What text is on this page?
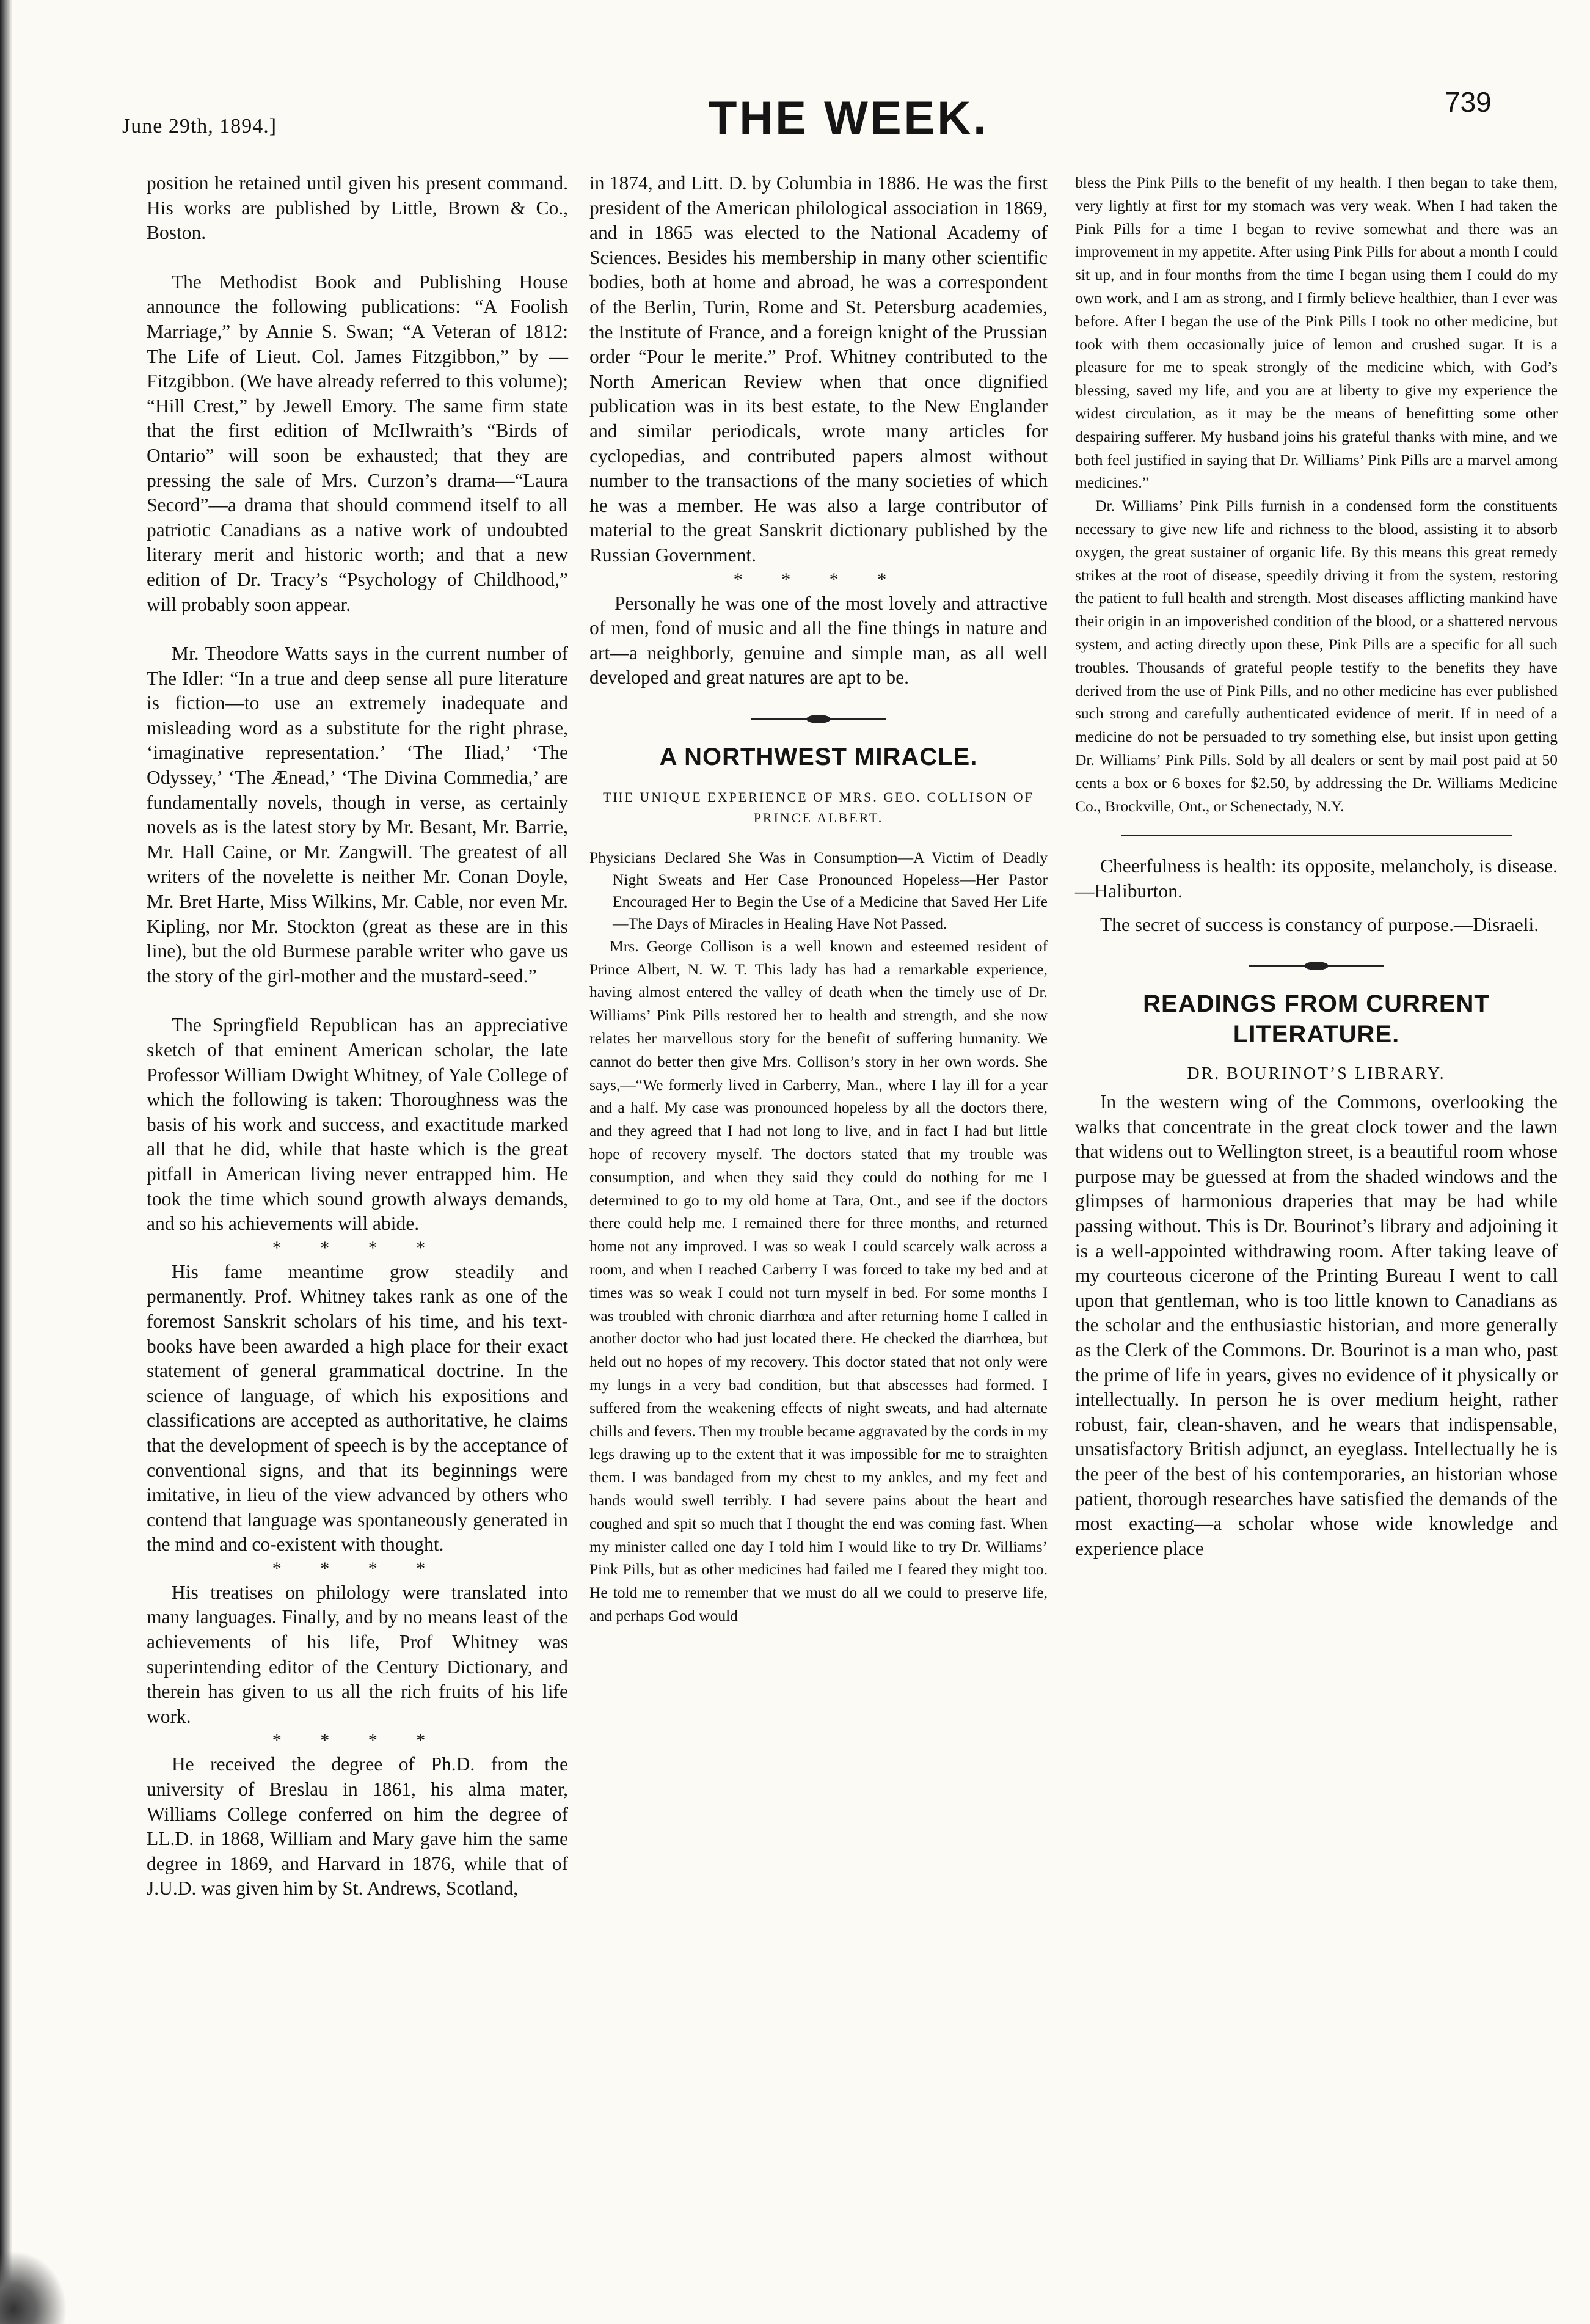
June 29th, 1894.]	THE WEEK.	739

position he retained until given his present command. His works are published by Little, Brown & Co., Boston.

The Methodist Book and Publishing House announce the following publications: “A Foolish Marriage,” by Annie S. Swan; “A Veteran of 1812: The Life of Lieut. Col. James Fitzgibbon,” by — Fitzgibbon. (We have already referred to this volume); “Hill Crest,” by Jewell Emory. The same firm state that the first edition of McIlwraith’s “Birds of Ontario” will soon be exhausted; that they are pressing the sale of Mrs. Curzon’s drama—“Laura Secord”—a drama that should commend itself to all patriotic Canadians as a native work of undoubted literary merit and historic worth; and that a new edition of Dr. Tracy’s “Psychology of Childhood,” will probably soon appear.

Mr. Theodore Watts says in the current number of The Idler: “In a true and deep sense all pure literature is fiction—to use an extremely inadequate and misleading word as a substitute for the right phrase, ‘imaginative representation.’ ‘The Iliad,’ ‘The Odyssey,’ ‘The Ænead,’ ‘The Divina Commedia,’ are fundamentally novels, though in verse, as certainly novels as is the latest story by Mr. Besant, Mr. Barrie, Mr. Hall Caine, or Mr. Zangwill. The greatest of all writers of the novelette is neither Mr. Conan Doyle, Mr. Bret Harte, Miss Wilkins, Mr. Cable, nor even Mr. Kipling, nor Mr. Stockton (great as these are in this line), but the old Burmese parable writer who gave us the story of the girl-mother and the mustard-seed.”

The Springfield Republican has an appreciative sketch of that eminent American scholar, the late Professor William Dwight Whitney, of Yale College of which the following is taken: Thoroughness was the basis of his work and success, and exactitude marked all that he did, while that haste which is the great pitfall in American living never entrapped him. He took the time which sound growth always demands, and so his achievements will abide.

* * * *

His fame meantime grow steadily and permanently. Prof. Whitney takes rank as one of the foremost Sanskrit scholars of his time, and his text-books have been awarded a high place for their exact statement of general grammatical doctrine. In the science of language, of which his expositions and classifications are accepted as authoritative, he claims that the development of speech is by the acceptance of conventional signs, and that its beginnings were imitative, in lieu of the view advanced by others who contend that language was spontaneously generated in the mind and co-existent with thought.

* * * *

His treatises on philology were translated into many languages. Finally, and by no means least of the achievements of his life, Prof Whitney was superintending editor of the Century Dictionary, and therein has given to us all the rich fruits of his life work.

* * * *

He received the degree of Ph.D. from the university of Breslau in 1861, his alma mater, Williams College conferred on him the degree of LL.D. in 1868, William and Mary gave him the same degree in 1869, and Harvard in 1876, while that of J.U.D. was given him by St. Andrews, Scotland,

in 1874, and Litt. D. by Columbia in 1886. He was the first president of the American philological association in 1869, and in 1865 was elected to the National Academy of Sciences. Besides his membership in many other scientific bodies, both at home and abroad, he was a correspondent of the Berlin, Turin, Rome and St. Petersburg academies, the Institute of France, and a foreign knight of the Prussian order “Pour le merite.” Prof. Whitney contributed to the North American Review when that once dignified publication was in its best estate, to the New Englander and similar periodicals, wrote many articles for cyclopedias, and contributed papers almost without number to the transactions of the many societies of which he was a member. He was also a large contributor of material to the great Sanskrit dictionary published by the Russian Government.

* * * *

Personally he was one of the most lovely and attractive of men, fond of music and all the fine things in nature and art—a neighborly, genuine and simple man, as all well developed and great natures are apt to be.

A NORTHWEST MIRACLE.
THE UNIQUE EXPERIENCE OF MRS. GEO. COLLISON OF PRINCE ALBERT.

Physicians Declared She Was in Consumption—A Victim of Deadly Night Sweats and Her Case Pronounced Hopeless—Her Pastor Encouraged Her to Begin the Use of a Medicine that Saved Her Life—The Days of Miracles in Healing Have Not Passed.

Mrs. George Collison is a well known and esteemed resident of Prince Albert, N. W. T. This lady has had a remarkable experience, having almost entered the valley of death when the timely use of Dr. Williams’ Pink Pills restored her to health and strength, and she now relates her marvellous story for the benefit of suffering humanity. We cannot do better then give Mrs. Collison’s story in her own words. She says,—“We formerly lived in Carberry, Man., where I lay ill for a year and a half. My case was pronounced hopeless by all the doctors there, and they agreed that I had not long to live, and in fact I had but little hope of recovery myself. The doctors stated that my trouble was consumption, and when they said they could do nothing for me I determined to go to my old home at Tara, Ont., and see if the doctors there could help me. I remained there for three months, and returned home not any improved. I was so weak I could scarcely walk across a room, and when I reached Carberry I was forced to take my bed and at times was so weak I could not turn myself in bed. For some months I was troubled with chronic diarrhœa and after returning home I called in another doctor who had just located there. He checked the diarrhœa, but held out no hopes of my recovery. This doctor stated that not only were my lungs in a very bad condition, but that abscesses had formed. I suffered from the weakening effects of night sweats, and had alternate chills and fevers. Then my trouble became aggravated by the cords in my legs drawing up to the extent that it was impossible for me to straighten them. I was bandaged from my chest to my ankles, and my feet and hands would swell terribly. I had severe pains about the heart and coughed and spit so much that I thought the end was coming fast. When my minister called one day I told him I would like to try Dr. Williams’ Pink Pills, but as other medicines had failed me I feared they might too. He told me to remember that we must do all we could to preserve life, and perhaps God would

bless the Pink Pills to the benefit of my health. I then began to take them, very lightly at first for my stomach was very weak. When I had taken the Pink Pills for a time I began to revive somewhat and there was an improvement in my appetite. After using Pink Pills for about a month I could sit up, and in four months from the time I began using them I could do my own work, and I am as strong, and I firmly believe healthier, than I ever was before. After I began the use of the Pink Pills I took no other medicine, but took with them occasionally juice of lemon and crushed sugar. It is a pleasure for me to speak strongly of the medicine which, with God’s blessing, saved my life, and you are at liberty to give my experience the widest circulation, as it may be the means of benefitting some other despairing sufferer. My husband joins his grateful thanks with mine, and we both feel justified in saying that Dr. Williams’ Pink Pills are a marvel among medicines.”

Dr. Williams’ Pink Pills furnish in a condensed form the constituents necessary to give new life and richness to the blood, assisting it to absorb oxygen, the great sustainer of organic life. By this means this great remedy strikes at the root of disease, speedily driving it from the system, restoring the patient to full health and strength. Most diseases afflicting mankind have their origin in an impoverished condition of the blood, or a shattered nervous system, and acting directly upon these, Pink Pills are a specific for all such troubles. Thousands of grateful people testify to the benefits they have derived from the use of Pink Pills, and no other medicine has ever published such strong and carefully authenticated evidence of merit. If in need of a medicine do not be persuaded to try something else, but insist upon getting Dr. Williams’ Pink Pills. Sold by all dealers or sent by mail post paid at 50 cents a box or 6 boxes for $2.50, by addressing the Dr. Williams Medicine Co., Brockville, Ont., or Schenectady, N.Y.

Cheerfulness is health: its opposite, melancholy, is disease.—Haliburton.

The secret of success is constancy of purpose.—Disraeli.

READINGS FROM CURRENT LITERATURE.
DR. BOURINOT’S LIBRARY.

In the western wing of the Commons, overlooking the walks that concentrate in the great clock tower and the lawn that widens out to Wellington street, is a beautiful room whose purpose may be guessed at from the shaded windows and the glimpses of harmonious draperies that may be had while passing without. This is Dr. Bourinot’s library and adjoining it is a well-appointed withdrawing room. After taking leave of my courteous cicerone of the Printing Bureau I went to call upon that gentleman, who is too little known to Canadians as the scholar and the enthusiastic historian, and more generally as the Clerk of the Commons. Dr. Bourinot is a man who, past the prime of life in years, gives no evidence of it physically or intellectually. In person he is over medium height, rather robust, fair, clean-shaven, and he wears that indispensable, unsatisfactory British adjunct, an eyeglass. Intellectually he is the peer of the best of his contemporaries, an historian whose patient, thorough researches have satisfied the demands of the most exacting—a scholar whose wide knowledge and experience place
